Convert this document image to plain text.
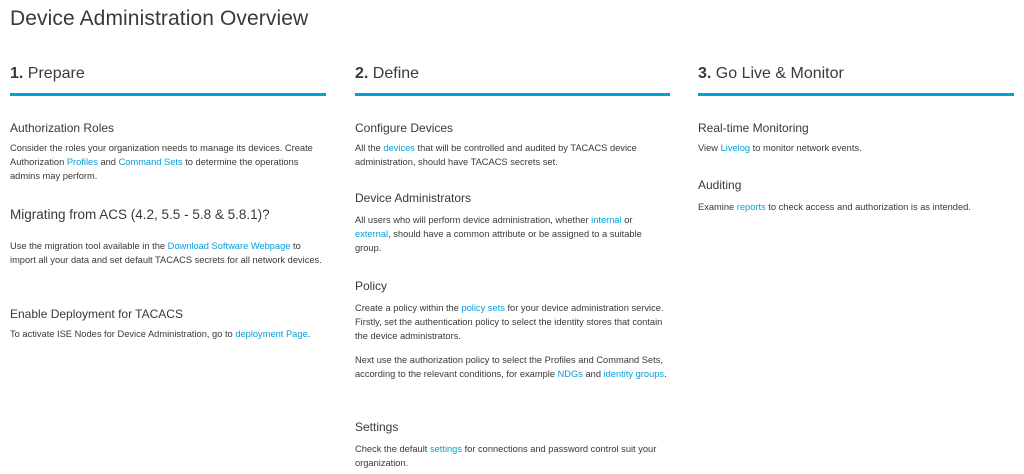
Device Administration Overview
1. Prepare
Authorization Roles

Consider the roles your organization needs to manage its devices. Create Authorization Profiles and Command Sets to determine the operations admins may perform.

Migrating from ACS (4.2, 5.5 - 5.8 & 5.8.1)?

Use the migration tool available in the Download Software Webpage to import all your data and set default TACACS secrets for all network devices.

Enable Deployment for TACACS

To activate ISE Nodes for Device Administration, go to deployment Page.

2. Define
Configure Devices

All the devices that will be controlled and audited by TACACS device administration, should have TACACS secrets set.

Device Administrators

All users who will perform device administration, whether internal or external, should have a common attribute or be assigned to a suitable group.

Policy

Create a policy within the policy sets for your device administration service. Firstly, set the authentication policy to select the identity stores that contain the device administrators.

Next use the authorization policy to select the Profiles and Command Sets, according to the relevant conditions, for example NDGs and identity groups.

Settings

Check the default settings for connections and password control suit your organization.

3. Go Live & Monitor
Real-time Monitoring

View Livelog to monitor network events.

Auditing

Examine reports to check access and authorization is as intended.
